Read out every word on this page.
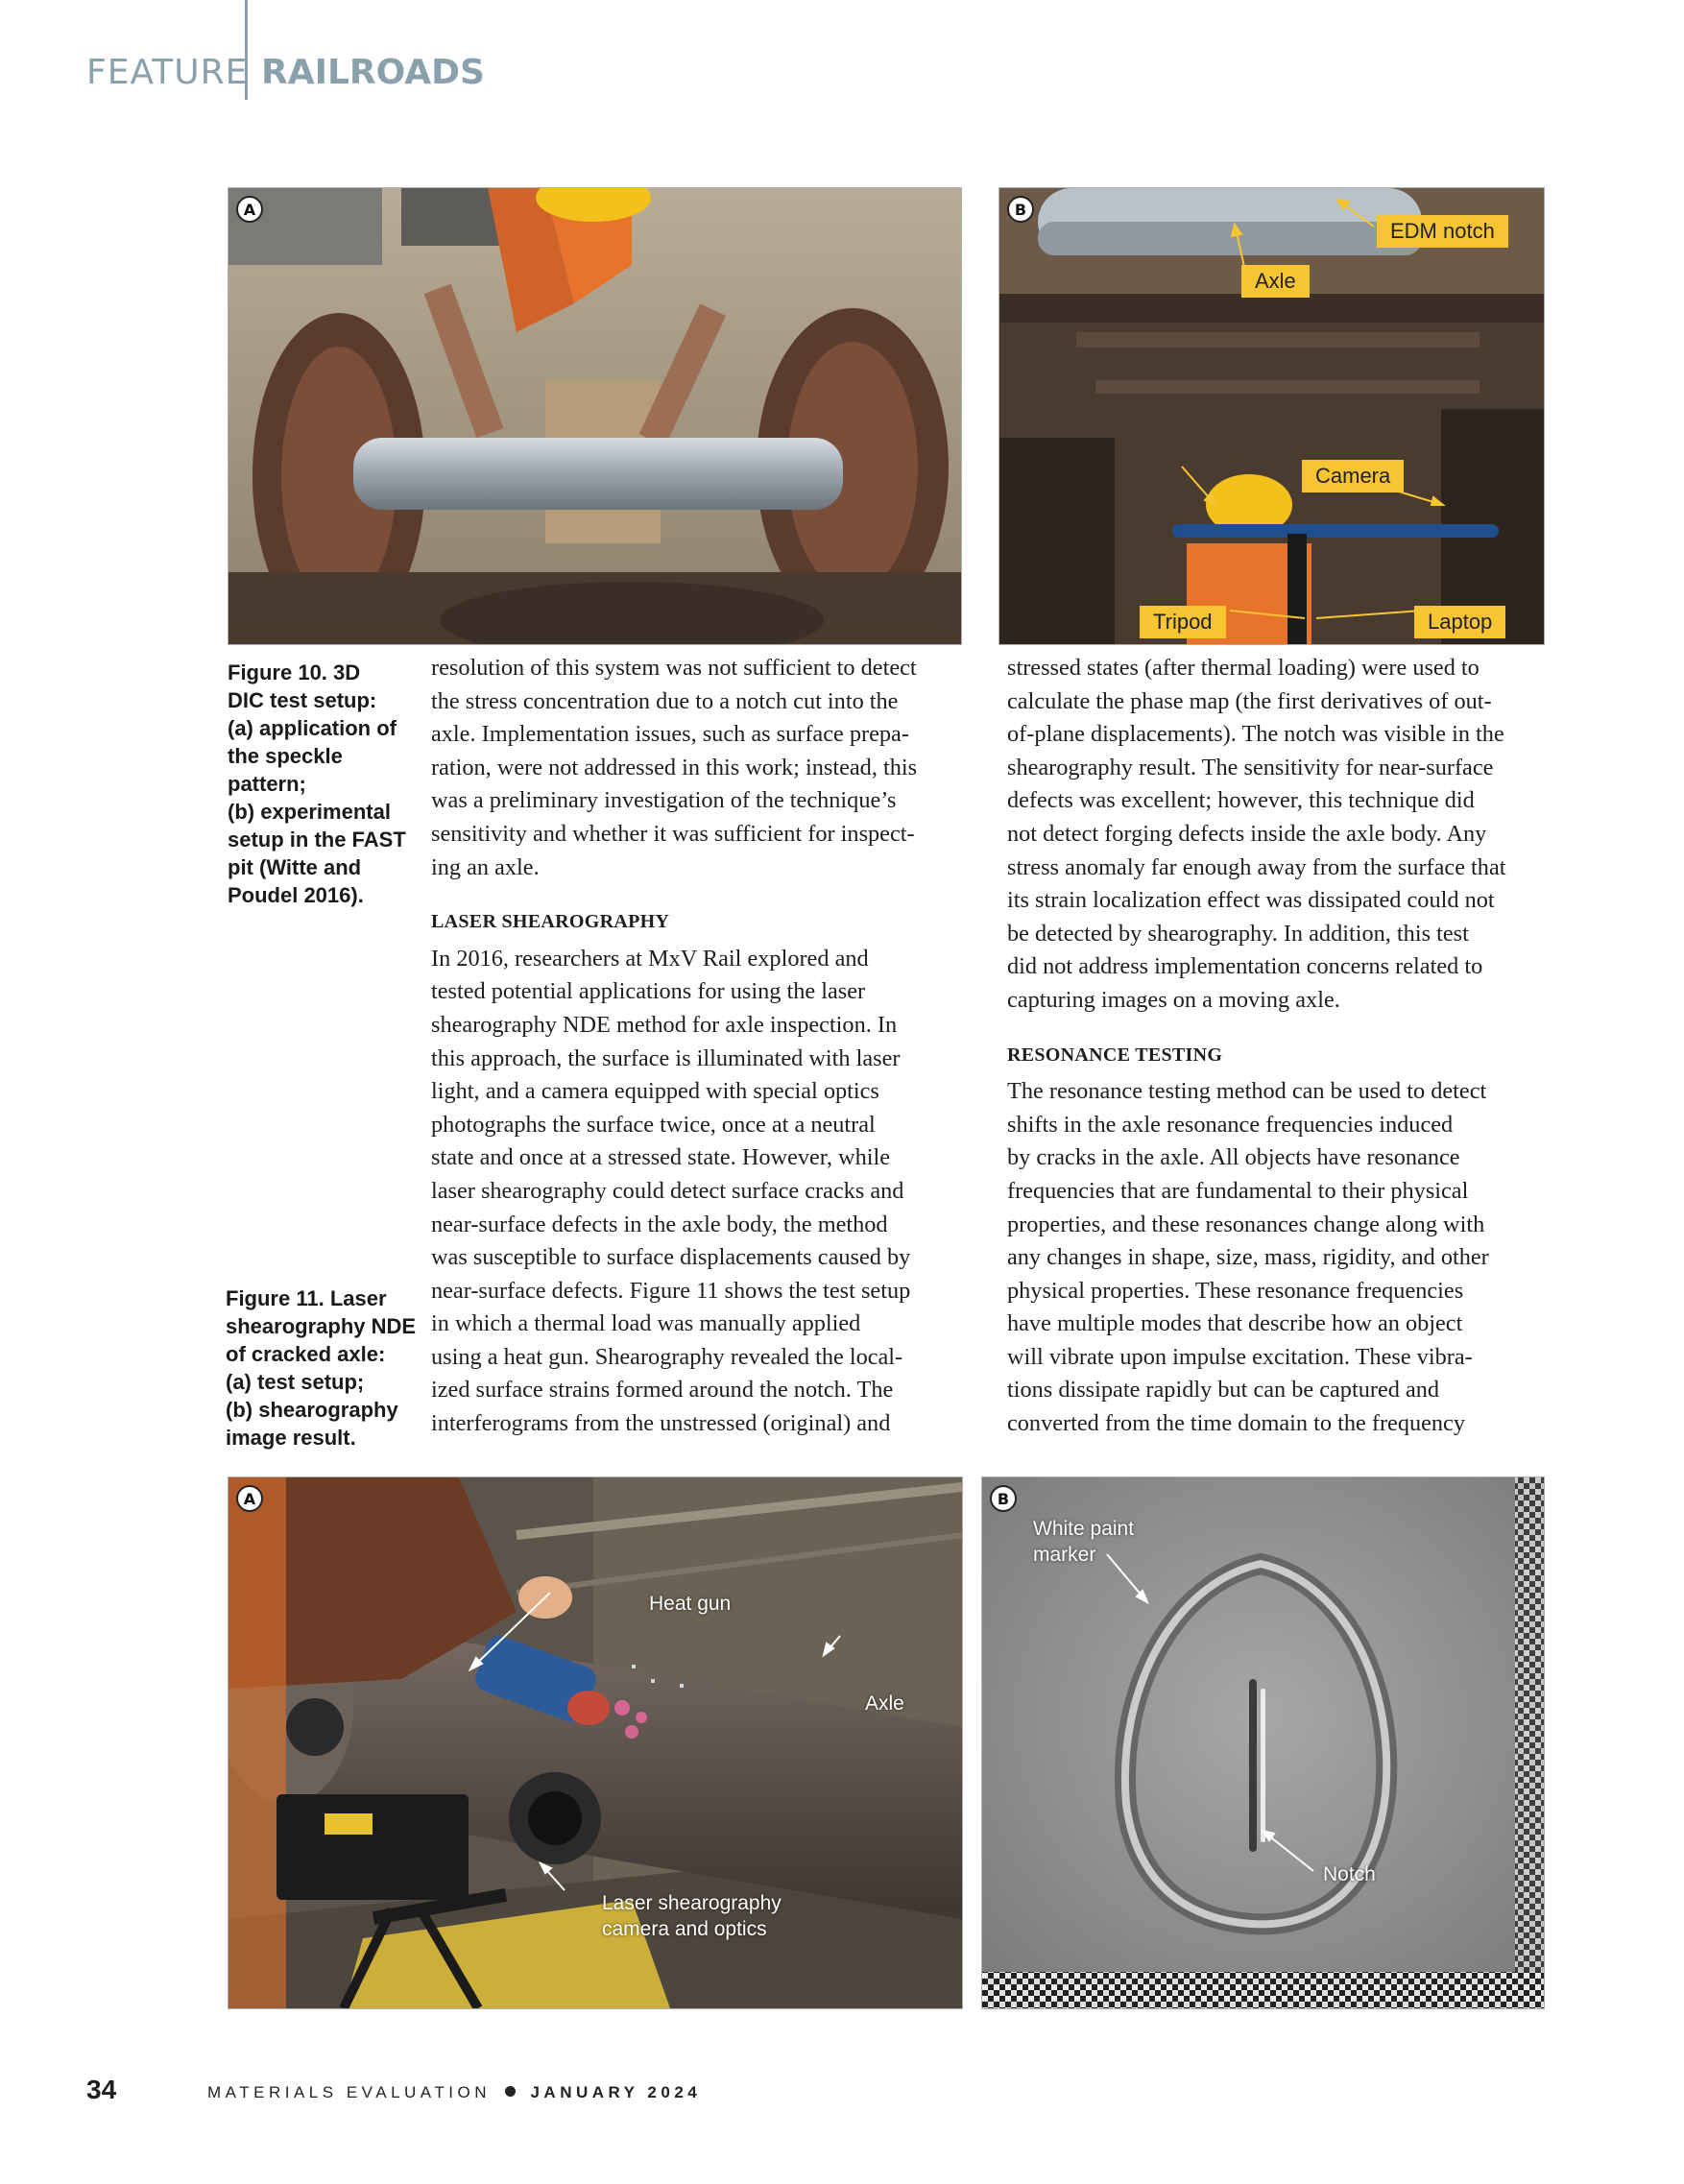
FEATURE RAILROADS
A	B
EDM notch
Axle
Camera
Tripod	Laptop
Figure 10. 3D
DIC test setup:
(a) application of
the speckle pattern;
(b) experimental
setup in the FAST
pit (Witte and
Poudel 2016).
Figure 11. Laser
shearography NDE
of cracked axle:
(a) test setup;
(b) shearography
image result.

resolution of this system was not sufficient to detect
the stress concentration due to a notch cut into the
axle. Implementation issues, such as surface prepa-
ration, were not addressed in this work; instead, this
was a preliminary investigation of the technique’s
sensitivity and whether it was sufficient for inspect-
ing an axle.

LASER SHEAROGRAPHY

In 2016, researchers at MxV Rail explored and
tested potential applications for using the laser
shearography NDE method for axle inspection. In
this approach, the surface is illuminated with laser
light, and a camera equipped with special optics
photographs the surface twice, once at a neutral
state and once at a stressed state. However, while
laser shearography could detect surface cracks and
near-surface defects in the axle body, the method
was susceptible to surface displacements caused by
near-surface defects. Figure 11 shows the test setup
in which a thermal load was manually applied
using a heat gun. Shearography revealed the local-
ized surface strains formed around the notch. The
interferograms from the unstressed (original) and

stressed states (after thermal loading) were used to
calculate the phase map (the first derivatives of out-
of-plane displacements). The notch was visible in the
shearography result. The sensitivity for near-surface
defects was excellent; however, this technique did
not detect forging defects inside the axle body. Any
stress anomaly far enough away from the surface that
its strain localization effect was dissipated could not
be detected by shearography. In addition, this test
did not address implementation concerns related to
capturing images on a moving axle.

RESONANCE TESTING

The resonance testing method can be used to detect
shifts in the axle resonance frequencies induced
by cracks in the axle. All objects have resonance
frequencies that are fundamental to their physical
properties, and these resonances change along with
any changes in shape, size, mass, rigidity, and other
physical properties. These resonance frequencies
have multiple modes that describe how an object
will vibrate upon impulse excitation. These vibra-
tions dissipate rapidly but can be captured and
converted from the time domain to the frequency

A
Heat gun
Axle
Laser shearography
camera and optics
B
White paint
marker
Notch
34	MATERIALS EVALUATION JANUARY 2024
